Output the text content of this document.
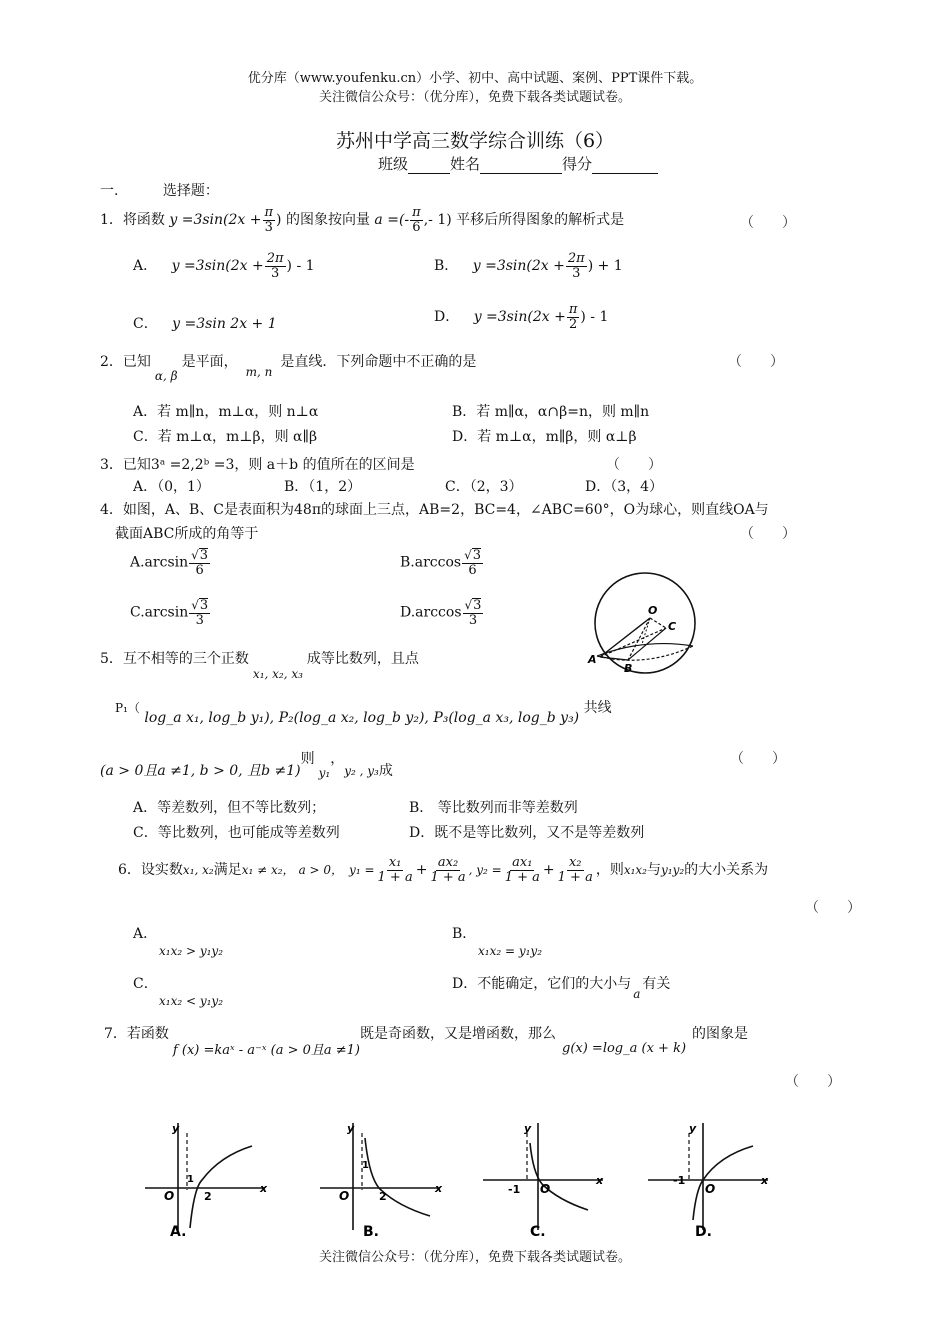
优分库（www.youfenku.cn）小学、初中、高中试题、案例、PPT课件下载。
关注微信公众号：（优分库），免费下载各类试题试卷。
苏州中学高三数学综合训练（6）
班级	姓名	得分
一.	选择题：
1．将函数 $y =3\sin(2x + \frac{\pi}{3}$ ) 的图象按向量 a =(- $\frac{\pi}{6}$ ,- 1) 平移后所得图象的解析式是	（　　）
A． $y =3\sin(2x + \frac{2\pi}{3}$ ) - 1	B． $y =3\sin(2x + \frac{2\pi}{3}$ ) + 1
C． y =3sin 2x + 1	D． $y =3\sin(2x + \frac{\pi}{2}$ ) - 1
2．已知α, β是平面，m, n是直线．下列命题中不正确的是	（　　）
A．若 m∥n，m⊥α，则 n⊥α	B．若 m∥α，α∩β=n，则 m∥n
C．若 m⊥α，m⊥β，则 α∥β	D．若 m⊥α，m∥β，则 α⊥β
3．已知3ᵃ =2,2ᵇ =3，则 a＋b 的值所在的区间是	（　　）
A．（0，1）	B．（1，2）	C．（2，3）	D．（3，4）
4．如图，A、B、C是表面积为48π的球面上三点，AB=2，BC=4，∠ABC=60°，O为球心，则直线OA与
截面ABC所成的角等于	（　　）
$A.\arcsin \frac{√3}{6}$	$B.\arccos \frac{√3}{6}$
$C.\arcsin \frac{√3}{3}$	$D.\arccos \frac{√3}{3}$	O
A
B
C
5．互不相等的三个正数x₁, x₂, x₃成等比数列，且点
P₁（ log_a x₁, log_b y₁), P₂(log_a x₂, log_b y₂), P₃(log_a x₃, log_b y₃) 共线
(a > 0且a ≠1, b > 0, 且b ≠1)则y₁，y₂ , y₃成
（　　）
A．等差数列，但不等比数列；	B． 等比数列而非等差数列
C．等比数列，也可能成等差数列	D．既不是等比数列，又不是等差数列
6．设实数x₁, x₂满足x₁ ≠ x₂， a > 0， $y_1 = \frac{\text{x₁}}{1 + a} + \frac{\text{ax₂}}{1 + a}$ , $y_2 = \frac{\text{ax₁}}{1 + a} + \frac{\text{x₂}}{1 + a}$ ，则x₁x₂与y₁y₂的大小关系为
（　　）
A．
x₁x₂ > y₁y₂
B．
x₁x₂ = y₁y₂
C．
x₁x₂ < y₁y₂
D．不能确定，它们的大小与a有关
7．若函数f (x) =kaˣ - a⁻ˣ (a > 0且a ≠1)既是奇函数，又是增函数，那么g(x) =log_a (x + k)的图象是
（　　）
y
x
O
1
2
A.
y
x
O
1
2
B.
y
x
O
-1
C.
y
x
O
-1
D.
关注微信公众号：（优分库），免费下载各类试题试卷。
